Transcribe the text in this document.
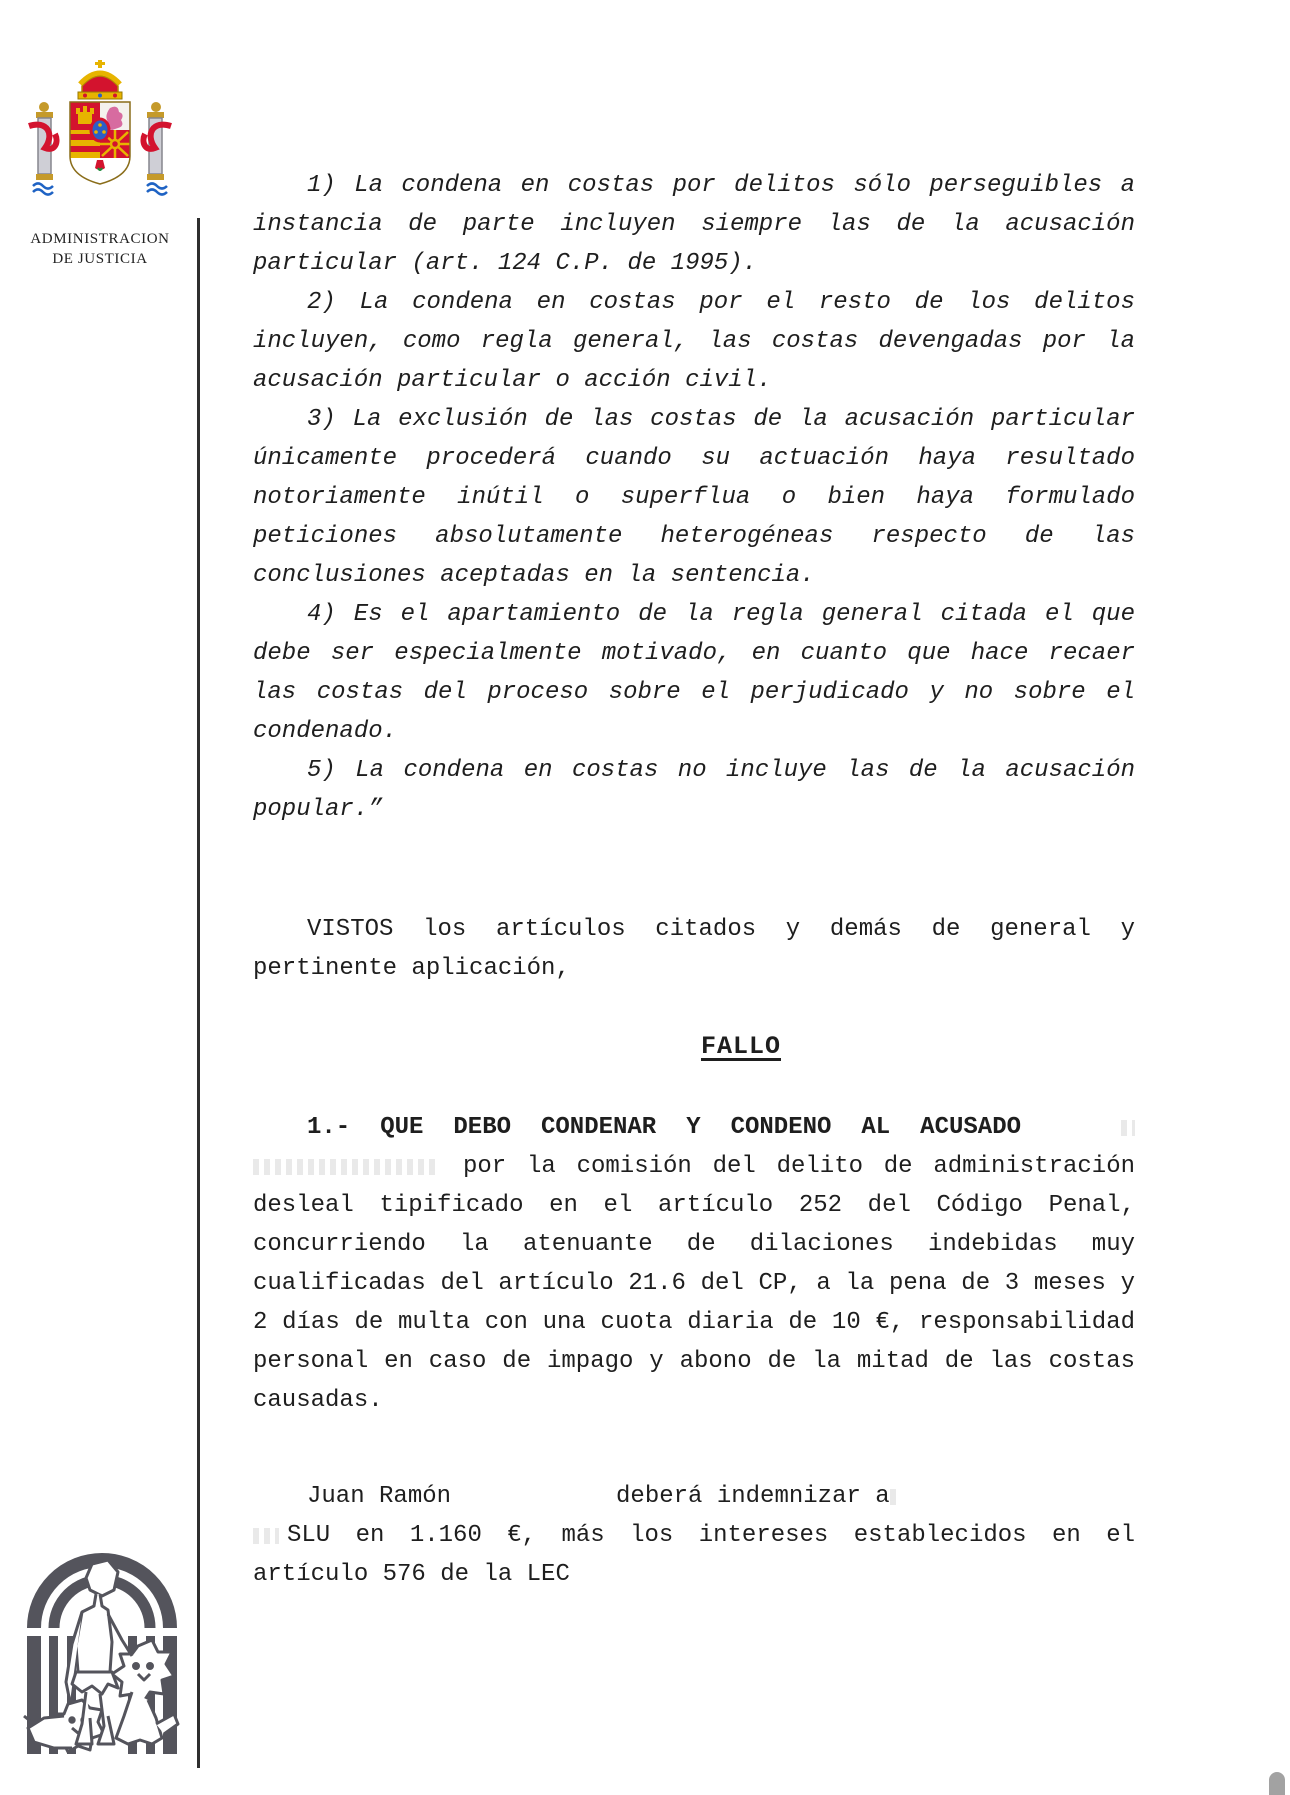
ADMINISTRACION
DE JUSTICIA
1) La condena en costas por delitos sólo perseguibles a
instancia de parte incluyen siempre las de la acusación
particular (art. 124 C.P. de 1995).
2) La condena en costas por el resto de los delitos
incluyen, como regla general, las costas devengadas por la
acusación particular o acción civil.
3) La exclusión de las costas de la acusación particular
únicamente procederá cuando su actuación haya resultado
notoriamente inútil o superflua o bien haya formulado
peticiones absolutamente heterogéneas respecto de las
conclusiones aceptadas en la sentencia.
4) Es el apartamiento de la regla general citada el que
debe ser especialmente motivado, en cuanto que hace recaer
las costas del proceso sobre el perjudicado y no sobre el
condenado.
5) La condena en costas no incluye las de la acusación
popular.”
VISTOS los artículos citados y demás de general y
pertinente aplicación,
FALLO
1.- QUE DEBO CONDENAR Y CONDENO AL ACUSADO
por la comisión del delito de administración
desleal tipificado en el artículo 252 del Código Penal,
concurriendo la atenuante de dilaciones indebidas muy
cualificadas del artículo 21.6 del CP, a la pena de 3 meses y
2 días de multa con una cuota diaria de 10 €, responsabilidad
personal en caso de impago y abono de la mitad de las costas
causadas.
Juan Ramón	deberá indemnizar a
SLU en 1.160 €, más los intereses establecidos en el
artículo 576 de la LEC
